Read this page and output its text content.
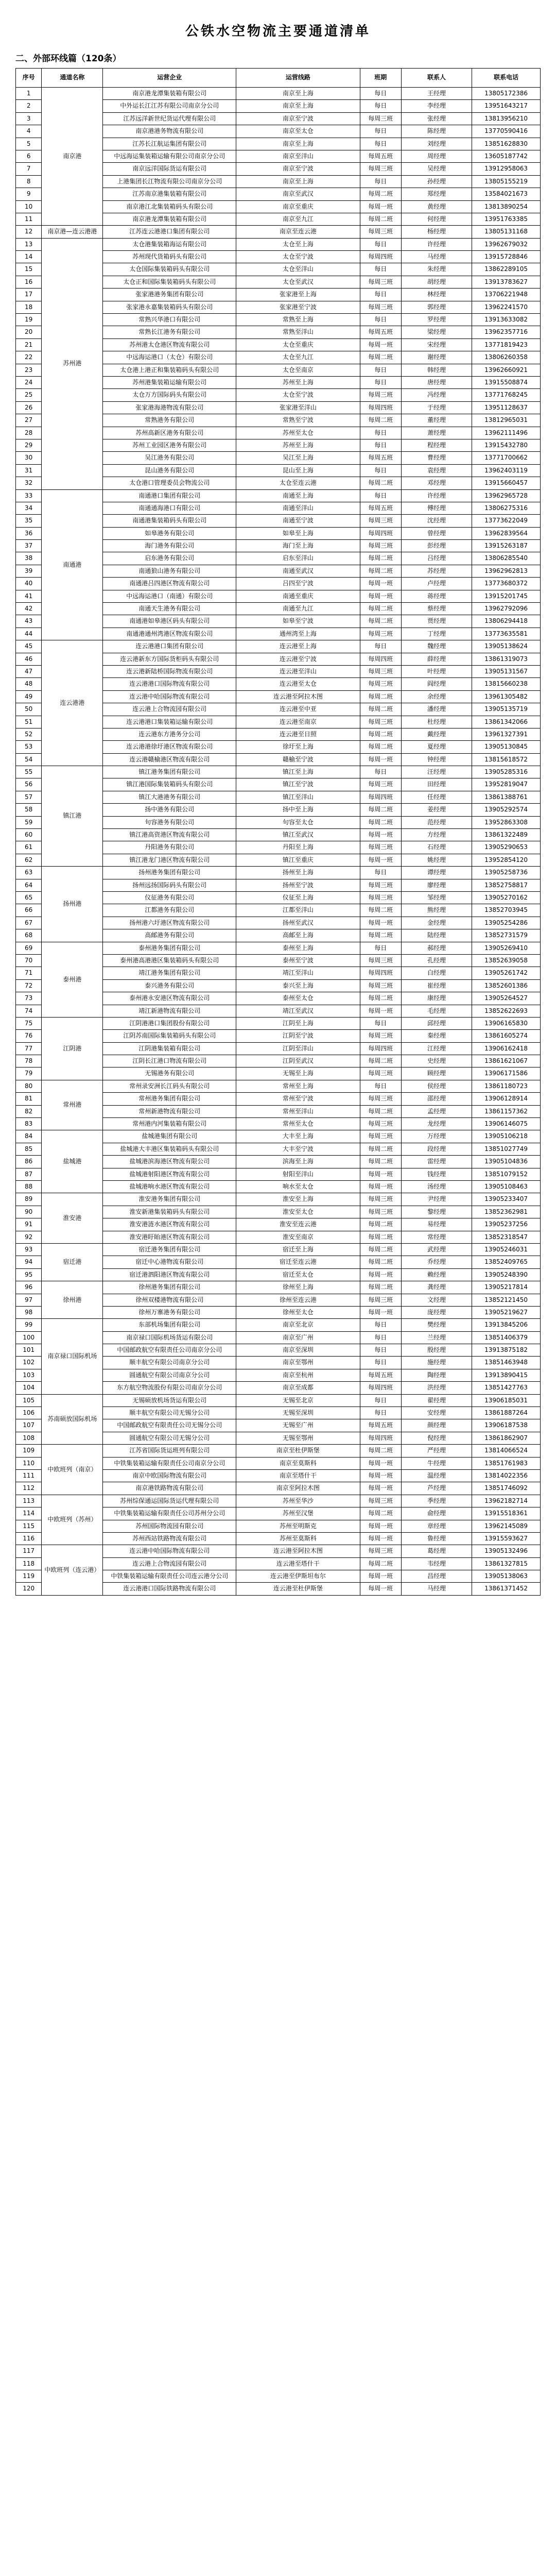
公铁水空物流主要通道清单
二、外部环线篇（120条）
序号	通道名称	运营企业	运营线路	班期	联系人	联系电话
1	南京港	南京港龙潭集装箱有限公司	南京至上海	每日	王经理	13805172386
2		中外运长江江苏有限公司南京分公司	南京至上海	每日	李经理	13951643217
3		江苏远洋新世纪货运代理有限公司	南京至宁波	每周三班	张经理	13813956210
4		南京港港务物流有限公司	南京至太仓	每日	陈经理	13770590416
5		江苏长江航运集团有限公司	南京至上海	每日	刘经理	13851628830
6		中远海运集装箱运输有限公司南京分公司	南京至洋山	每周五班	周经理	13605187742
7		南京远洋国际货运有限公司	南京至宁波	每周三班	吴经理	13912958063
8		上港集团长江物流有限公司南京分公司	南京至上海	每日	孙经理	13805155219
9		江苏南京港集装箱有限公司	南京至武汉	每周二班	郑经理	13584021673
10		南京港江北集装箱码头有限公司	南京至重庆	每周一班	黄经理	13813890254
11		南京港龙潭集装箱有限公司	南京至九江	每周二班	何经理	13951763385
12	南京港—连云港港	江苏连云港港口集团有限公司	南京至连云港	每周三班	杨经理	13805131168
13	苏州港	太仓港集装箱海运有限公司	太仓至上海	每日	许经理	13962679032
14		苏州现代货箱码头有限公司	太仓至宁波	每周四班	马经理	13915728846
15		太仓国际集装箱码头有限公司	太仓至洋山	每日	朱经理	13862289105
16		太仓正和国际集装箱码头有限公司	太仓至武汉	每周三班	胡经理	13913783627
17		张家港港务集团有限公司	张家港至上海	每日	林经理	13706221948
18		张家港永嘉集装箱码头有限公司	张家港至宁波	每周三班	郭经理	13962241570
19		常熟兴华港口有限公司	常熟至上海	每日	罗经理	13913633082
20		常熟长江港务有限公司	常熟至洋山	每周五班	梁经理	13962357716
21		苏州港太仓港区物流有限公司	太仓至重庆	每周一班	宋经理	13771819423
22		中远海运港口（太仓）有限公司	太仓至九江	每周二班	谢经理	13806260358
23		太仓港上港正和集装箱码头有限公司	太仓至南京	每日	韩经理	13962660921
24		苏州港集装箱运输有限公司	苏州至上海	每日	唐经理	13915508874
25		太仓万方国际码头有限公司	太仓至宁波	每周三班	冯经理	13771768245
26		张家港海港物流有限公司	张家港至洋山	每周四班	于经理	13951128637
27		常熟港务有限公司	常熟至宁波	每周二班	董经理	13812965031
28		苏州高新区港务有限公司	苏州至太仓	每日	萧经理	13962111496
29		苏州工业园区港务有限公司	苏州至上海	每日	程经理	13915432780
30		吴江港务有限公司	吴江至上海	每周五班	曹经理	13771700662
31		昆山港务有限公司	昆山至上海	每日	袁经理	13962403119
32		太仓港口管理委员会物流公司	太仓至连云港	每周二班	邓经理	13915660457
33	南通港	南通港口集团有限公司	南通至上海	每日	许经理	13962965728
34		南通通海港口有限公司	南通至洋山	每周五班	傅经理	13806275316
35		南通港集装箱码头有限公司	南通至宁波	每周三班	沈经理	13773622049
36		如皋港务有限公司	如皋至上海	每周四班	曾经理	13962839564
37		海门港务有限公司	海门至上海	每周三班	彭经理	13915263187
38		启东港务有限公司	启东至洋山	每周二班	吕经理	13806285540
39		南通狼山港务有限公司	南通至武汉	每周二班	苏经理	13962962813
40		南通港吕四港区物流有限公司	吕四至宁波	每周一班	卢经理	13773680372
41		中远海运港口（南通）有限公司	南通至重庆	每周一班	蒋经理	13915201745
42		南通天生港务有限公司	南通至九江	每周二班	蔡经理	13962792096
43		南通港如皋港区码头有限公司	如皋至宁波	每周二班	贾经理	13806294418
44		南通港通州湾港区物流有限公司	通州湾至上海	每周三班	丁经理	13773635581
45	连云港港	连云港港口集团有限公司	连云港至上海	每日	魏经理	13905138624
46		连云港新东方国际货柜码头有限公司	连云港至宁波	每周四班	薛经理	13861319073
47		连云港新陆桥国际物流有限公司	连云港至洋山	每周三班	叶经理	13905131567
48		连云港港口国际物流有限公司	连云港至太仓	每周三班	阎经理	13815660238
49		连云港中哈国际物流有限公司	连云港至阿拉木图	每周二班	余经理	13961305482
50		连云港上合物流园有限公司	连云港至中亚	每周二班	潘经理	13905135719
51		连云港港口集装箱运输有限公司	连云港至南京	每周三班	杜经理	13861342066
52		连云港东方港务分公司	连云港至日照	每周二班	戴经理	13961327391
53		连云港港徐圩港区物流有限公司	徐圩至上海	每周二班	夏经理	13905130845
54		连云港赣榆港区物流有限公司	赣榆至宁波	每周一班	钟经理	13815618572
55	镇江港	镇江港务集团有限公司	镇江至上海	每日	汪经理	13905285316
56		镇江港国际集装箱码头有限公司	镇江至宁波	每周三班	田经理	13952819047
57		镇江大港港务有限公司	镇江至洋山	每周四班	任经理	13861388761
58		扬中港务有限公司	扬中至上海	每周二班	姜经理	13905292574
59		句容港务有限公司	句容至太仓	每周二班	范经理	13952863308
60		镇江港高资港区物流有限公司	镇江至武汉	每周一班	方经理	13861322489
61		丹阳港务有限公司	丹阳至上海	每周三班	石经理	13905290653
62		镇江港龙门港区物流有限公司	镇江至重庆	每周一班	姚经理	13952854120
63	扬州港	扬州港务集团有限公司	扬州至上海	每日	谭经理	13905258736
64		扬州远扬国际码头有限公司	扬州至宁波	每周三班	廖经理	13852758817
65		仪征港务有限公司	仪征至上海	每周三班	邹经理	13905270162
66		江都港务有限公司	江都至洋山	每周二班	熊经理	13852703945
67		扬州港六圩港区物流有限公司	扬州至武汉	每周一班	金经理	13905254286
68		高邮港务有限公司	高邮至上海	每周二班	陆经理	13852731579
69	泰州港	泰州港务集团有限公司	泰州至上海	每日	郝经理	13905269410
70		泰州港高港港区集装箱码头有限公司	泰州至宁波	每周三班	孔经理	13852639058
71		靖江港务集团有限公司	靖江至洋山	每周四班	白经理	13905261742
72		泰兴港务有限公司	泰兴至上海	每周三班	崔经理	13852601386
73		泰州港永安港区物流有限公司	泰州至太仓	每周二班	康经理	13905264527
74		靖江新港物流有限公司	靖江至武汉	每周一班	毛经理	13852622693
75	江阴港	江阴港港口集团股份有限公司	江阴至上海	每日	邱经理	13906165830
76		江阴苏南国际集装箱码头有限公司	江阴至宁波	每周三班	秦经理	13861605274
77		江阴港集装箱有限公司	江阴至洋山	每周四班	江经理	13906162418
78		江阴长江港口物流有限公司	江阴至武汉	每周二班	史经理	13861621067
79		无锡港务有限公司	无锡至上海	每周三班	顾经理	13906171586
80	常州港	常州录安洲长江码头有限公司	常州至上海	每日	侯经理	13861180723
81		常州港务集团有限公司	常州至宁波	每周三班	邵经理	13906128914
82		常州新港物流有限公司	常州至洋山	每周二班	孟经理	13861157362
83		常州港内河集装箱有限公司	常州至太仓	每周三班	龙经理	13906146075
84	盐城港	盐城港集团有限公司	大丰至上海	每周三班	万经理	13905106218
85		盐城港大丰港区集装箱码头有限公司	大丰至宁波	每周二班	段经理	13851027749
86		盐城港滨海港区物流有限公司	滨海至上海	每周二班	雷经理	13905104836
87		盐城港射阳港区物流有限公司	射阳至洋山	每周一班	钱经理	13851079152
88		盐城港响水港区物流有限公司	响水至太仓	每周一班	汤经理	13905108463
89	淮安港	淮安港务集团有限公司	淮安至上海	每周三班	尹经理	13905233407
90		淮安新港集装箱码头有限公司	淮安至太仓	每周三班	黎经理	13852362981
91		淮安港涟水港区物流有限公司	淮安至连云港	每周二班	易经理	13905237256
92		淮安港盱眙港区物流有限公司	淮安至南京	每周二班	常经理	13852318547
93	宿迁港	宿迁港务集团有限公司	宿迁至上海	每周二班	武经理	13905246031
94		宿迁中心港物流有限公司	宿迁至连云港	每周二班	乔经理	13852409765
95		宿迁港泗阳港区物流有限公司	宿迁至太仓	每周一班	赖经理	13905248390
96	徐州港	徐州港务集团有限公司	徐州至上海	每周二班	龚经理	13905217814
97		徐州双楼港物流有限公司	徐州至连云港	每周三班	文经理	13852121450
98		徐州万寨港务有限公司	徐州至太仓	每周一班	庞经理	13905219627
99	南京禄口国际机场	东部机场集团有限公司	南京至北京	每日	樊经理	13913845206
100		南京禄口国际机场货运有限公司	南京至广州	每日	兰经理	13851406379
101		中国邮政航空有限责任公司南京分公司	南京至深圳	每日	殷经理	13913875182
102		顺丰航空有限公司南京分公司	南京至鄂州	每日	施经理	13851463948
103		圆通航空有限公司南京分公司	南京至杭州	每周五班	陶经理	13913890415
104		东方航空物流股份有限公司南京分公司	南京至成都	每周四班	洪经理	13851427763
105	苏南硕放国际机场	无锡硕放机场货运有限公司	无锡至北京	每日	翟经理	13906185031
106		顺丰航空有限公司无锡分公司	无锡至深圳	每日	安经理	13861887264
107		中国邮政航空有限责任公司无锡分公司	无锡至广州	每周五班	颜经理	13906187538
108		圆通航空有限公司无锡分公司	无锡至鄂州	每周四班	倪经理	13861862907
109	中欧班列（南京）	江苏省国际货运班列有限公司	南京至杜伊斯堡	每周二班	严经理	13814066524
110		中铁集装箱运输有限责任公司南京分公司	南京至莫斯科	每周一班	牛经理	13851761983
111		南京中欧国际物流有限公司	南京至塔什干	每周一班	温经理	13814022356
112		南京港铁路物流有限公司	南京至阿拉木图	每周一班	芦经理	13851746092
113	中欧班列（苏州）	苏州综保通运国际货运代理有限公司	苏州至华沙	每周三班	季经理	13962182714
114		中铁集装箱运输有限责任公司苏州分公司	苏州至汉堡	每周二班	俞经理	13915518361
115		苏州国际物流园有限公司	苏州至明斯克	每周一班	章经理	13962145089
116		苏州西站铁路物流有限公司	苏州至莫斯科	每周一班	鲁经理	13915593627
117	中欧班列（连云港）	连云港中哈国际物流有限公司	连云港至阿拉木图	每周三班	葛经理	13905132496
118		连云港上合物流园有限公司	连云港至塔什干	每周二班	韦经理	13861327815
119		中铁集装箱运输有限责任公司连云港分公司	连云港至伊斯坦布尔	每周一班	昌经理	13905138063
120		连云港港口国际铁路物流有限公司	连云港至杜伊斯堡	每周一班	马经理	13861371452
